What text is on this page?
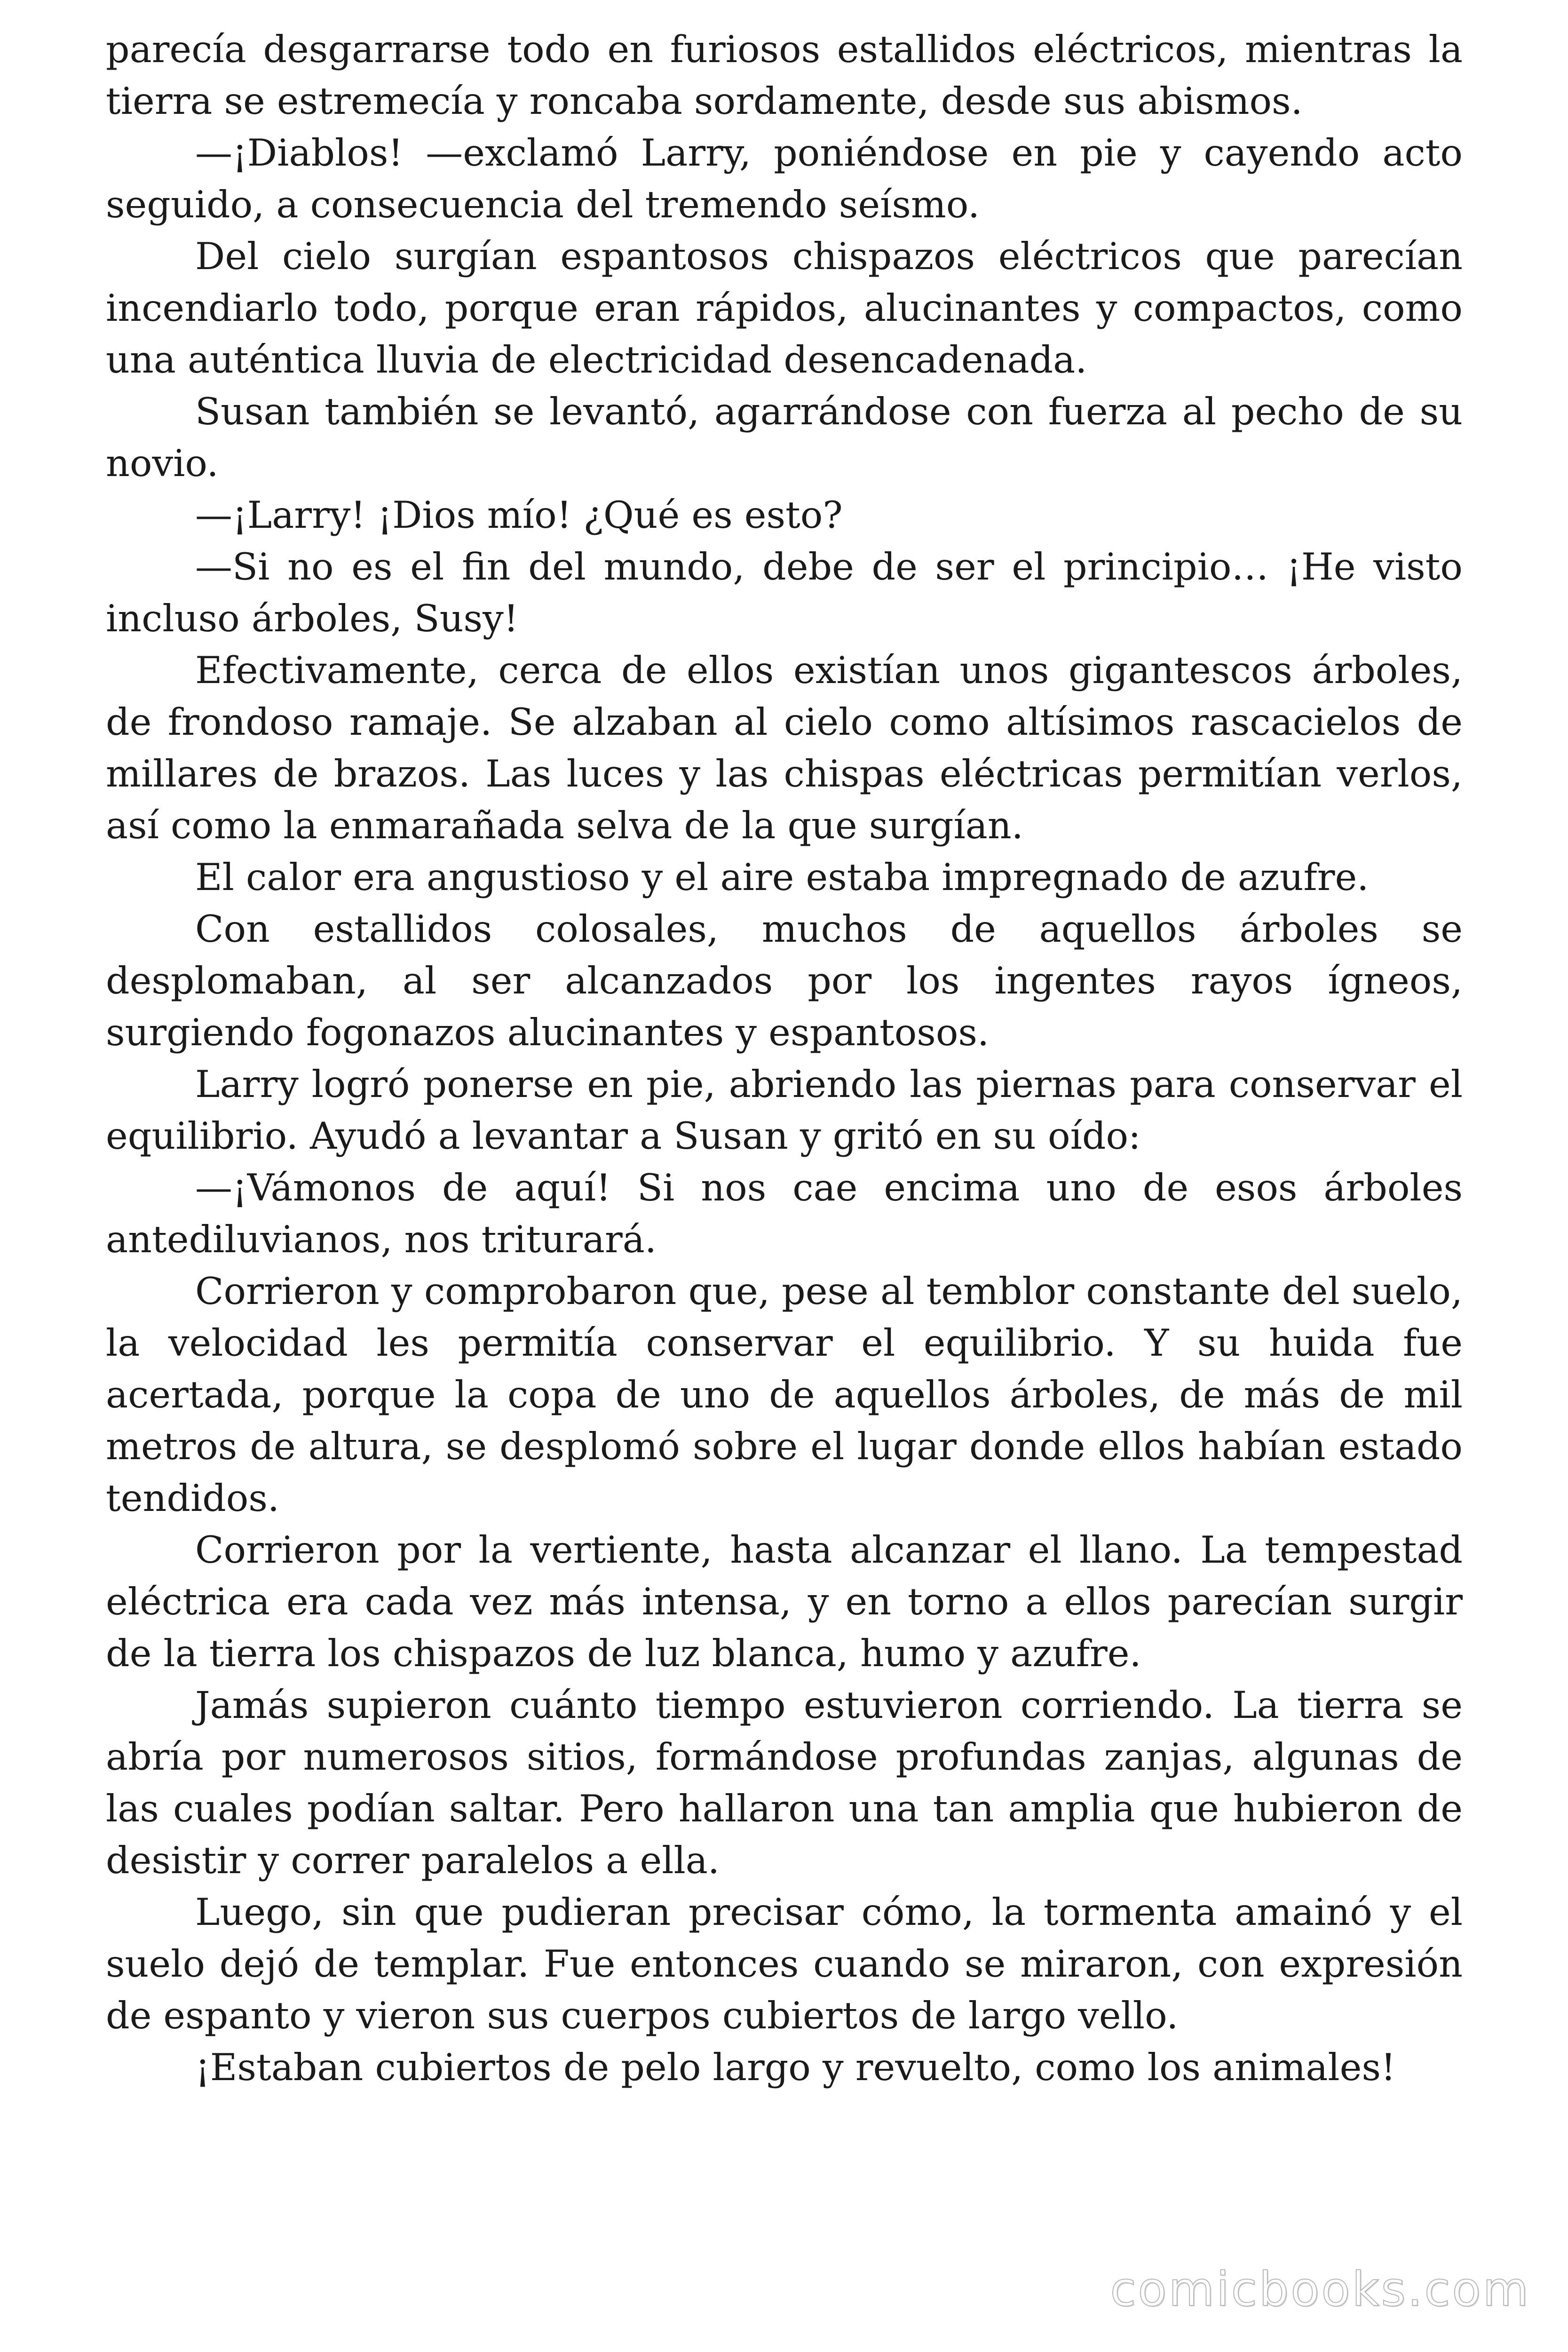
parecía desgarrarse todo en furiosos estallidos eléctricos, mientras la tierra se estremecía y roncaba sordamente, desde sus abismos.

—¡Diablos! —exclamó Larry, poniéndose en pie y cayendo acto seguido, a consecuencia del tremendo seísmo.

Del cielo surgían espantosos chispazos eléctricos que parecían incendiarlo todo, porque eran rápidos, alucinantes y compactos, como una auténtica lluvia de electricidad desencadenada.

Susan también se levantó, agarrándose con fuerza al pecho de su novio.

—¡Larry! ¡Dios mío! ¿Qué es esto?

—Si no es el fin del mundo, debe de ser el principio… ¡He visto incluso árboles, Susy!

Efectivamente, cerca de ellos existían unos gigantescos árboles, de frondoso ramaje. Se alzaban al cielo como altísimos rascacielos de millares de brazos. Las luces y las chispas eléctricas permitían verlos, así como la enmarañada selva de la que surgían.

El calor era angustioso y el aire estaba impregnado de azufre.

Con estallidos colosales, muchos de aquellos árboles se desplomaban, al ser alcanzados por los ingentes rayos ígneos, surgiendo fogonazos alucinantes y espantosos.

Larry logró ponerse en pie, abriendo las piernas para conservar el equilibrio. Ayudó a levantar a Susan y gritó en su oído:

—¡Vámonos de aquí! Si nos cae encima uno de esos árboles antediluvianos, nos triturará.

Corrieron y comprobaron que, pese al temblor constante del suelo, la velocidad les permitía conservar el equilibrio. Y su huida fue acertada, porque la copa de uno de aquellos árboles, de más de mil metros de altura, se desplomó sobre el lugar donde ellos habían estado tendidos.

Corrieron por la vertiente, hasta alcanzar el llano. La tempestad eléctrica era cada vez más intensa, y en torno a ellos parecían surgir de la tierra los chispazos de luz blanca, humo y azufre.

Jamás supieron cuánto tiempo estuvieron corriendo. La tierra se abría por numerosos sitios, formándose profundas zanjas, algunas de las cuales podían saltar. Pero hallaron una tan amplia que hubieron de desistir y correr paralelos a ella.

Luego, sin que pudieran precisar cómo, la tormenta amainó y el suelo dejó de templar. Fue entonces cuando se miraron, con expresión de espanto y vieron sus cuerpos cubiertos de largo vello.

¡Estaban cubiertos de pelo largo y revuelto, como los animales!

comicbooks.com
